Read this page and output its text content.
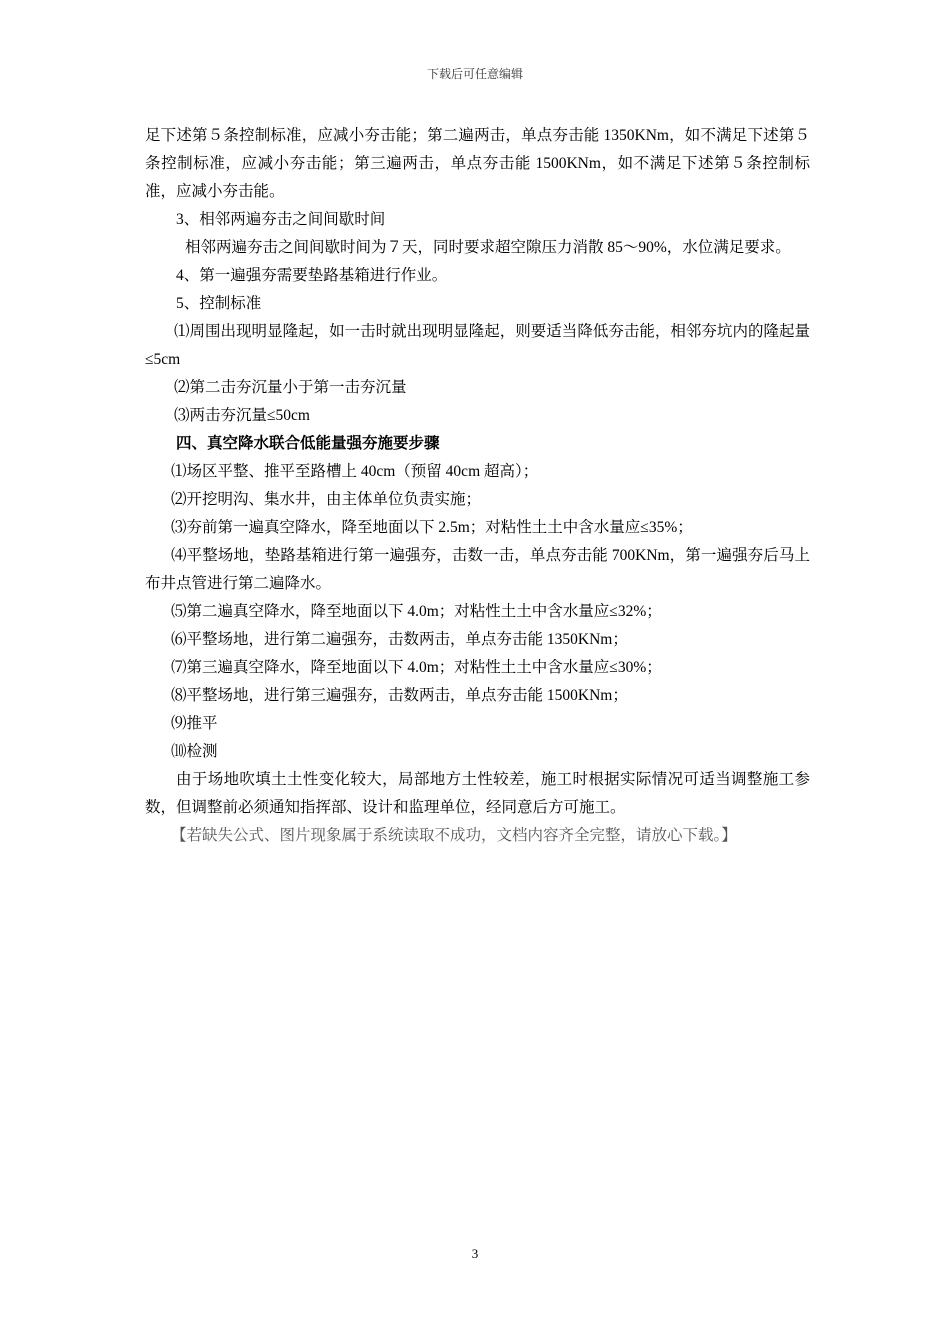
下载后可任意编辑

足下述第５条控制标准，应减小夯击能；第二遍两击，单点夯击能 1350KNm，如不满足下述第５条控制标准，应减小夯击能；第三遍两击，单点夯击能 1500KNm，如不满足下述第５条控制标准，应减小夯击能。

3、相邻两遍夯击之间间歇时间

相邻两遍夯击之间间歇时间为７天，同时要求超空隙压力消散 85～90%，水位满足要求。

4、第一遍强夯需要垫路基箱进行作业。

5、控制标准

⑴周围出现明显隆起，如一击时就出现明显隆起，则要适当降低夯击能，相邻夯坑内的隆起量≤5cm

⑵第二击夯沉量小于第一击夯沉量

⑶两击夯沉量≤50cm

四、真空降水联合低能量强夯施要步骤

⑴场区平整、推平至路槽上 40cm（预留 40cm 超高）；

⑵开挖明沟、集水井，由主体单位负责实施；

⑶夯前第一遍真空降水，降至地面以下 2.5m；对粘性土土中含水量应≤35%；

⑷平整场地，垫路基箱进行第一遍强夯，击数一击，单点夯击能 700KNm，第一遍强夯后马上布井点管进行第二遍降水。

⑸第二遍真空降水，降至地面以下 4.0m；对粘性土土中含水量应≤32%；

⑹平整场地，进行第二遍强夯，击数两击，单点夯击能 1350KNm；

⑺第三遍真空降水，降至地面以下 4.0m；对粘性土土中含水量应≤30%；

⑻平整场地，进行第三遍强夯，击数两击，单点夯击能 1500KNm；

⑼推平

⑽检测

由于场地吹填土土性变化较大，局部地方土性较差，施工时根据实际情况可适当调整施工参数，但调整前必须通知指挥部、设计和监理单位，经同意后方可施工。

【若缺失公式、图片现象属于系统读取不成功，文档内容齐全完整，请放心下载。】

3
